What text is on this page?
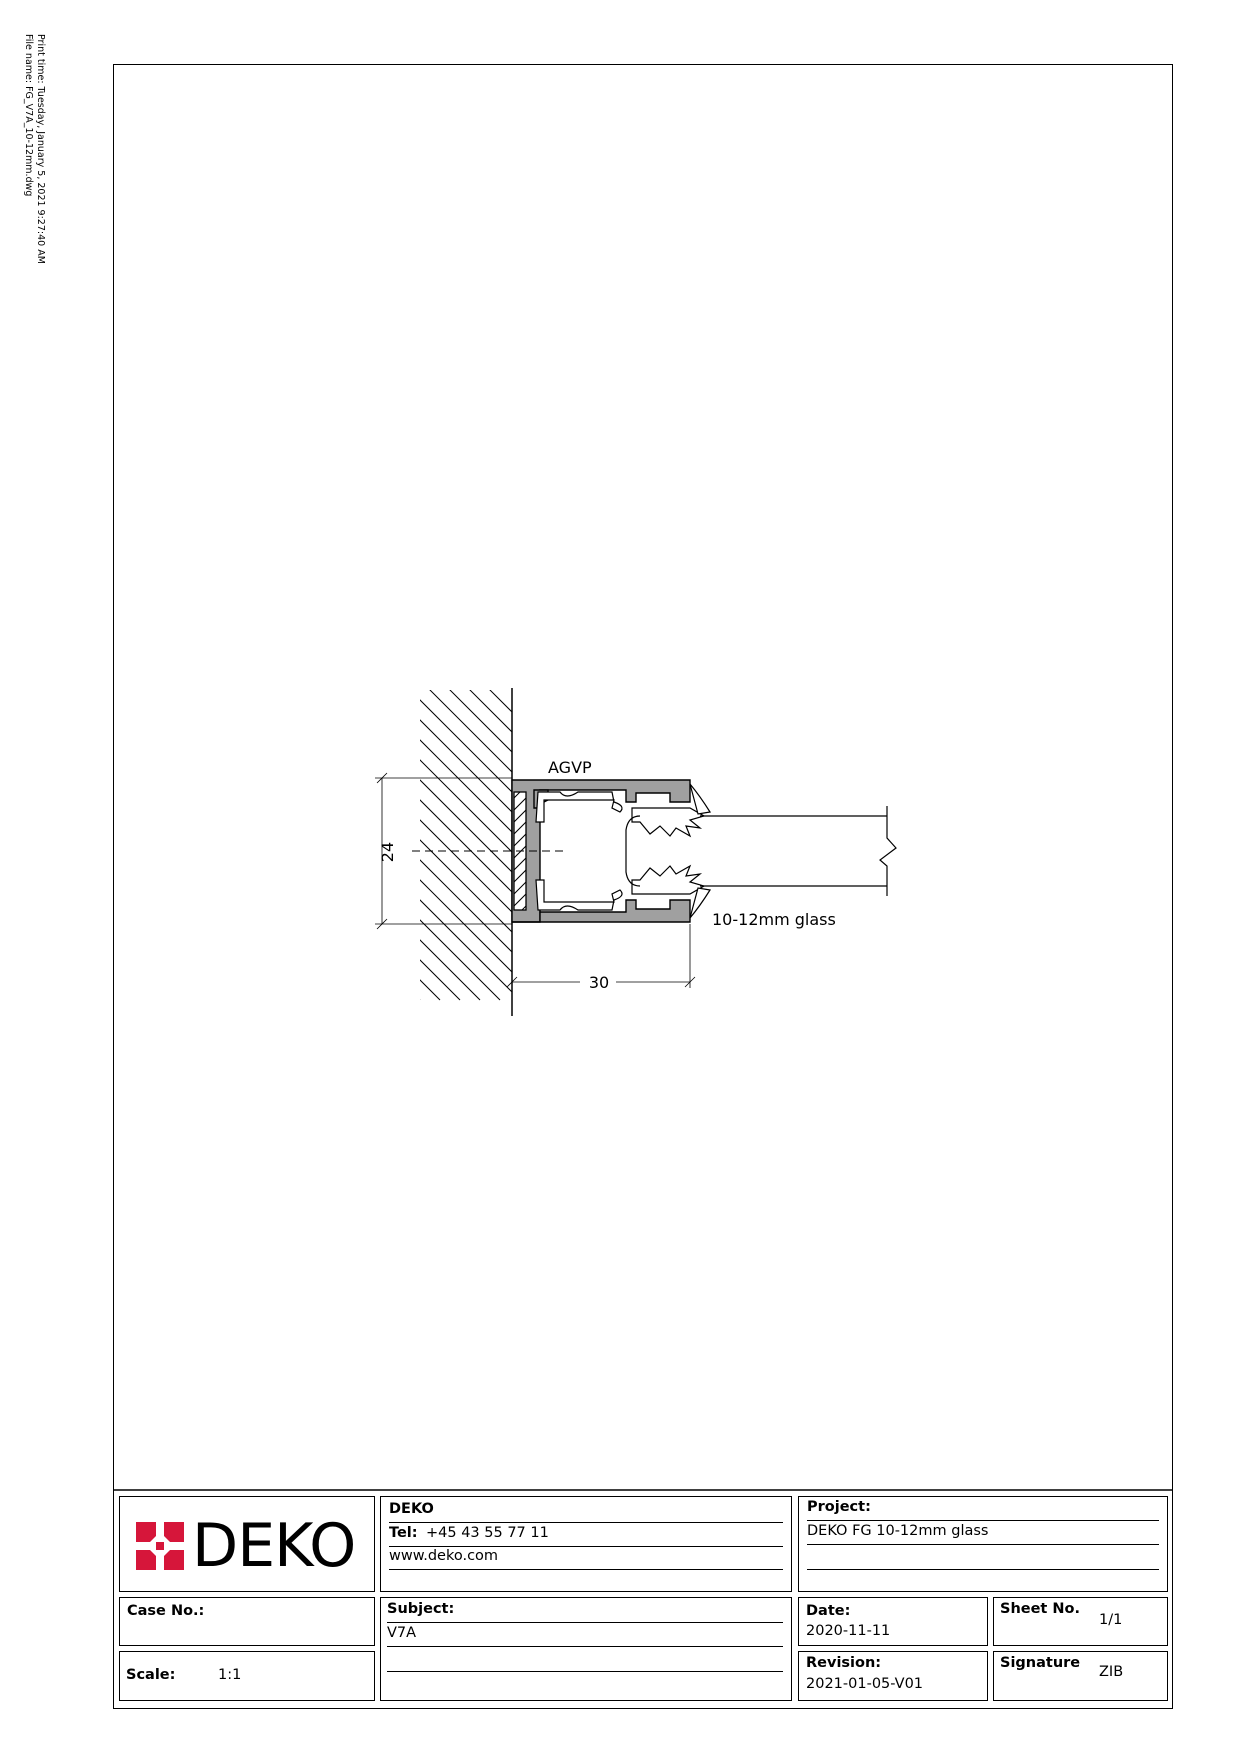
Print time: Tuesday, January 5, 2021 9:27:40 AM
File name: FG_V7A_10-12mm.dwg
AGVP
24
30
10-12mm glass
DEKO
DEKO
Tel: +45 43 55 77 11
www.deko.com
Project:
DEKO FG 10-12mm glass
Case No.:	Subject:
V7A
Date:
2020-11-11
Sheet No.
1/1
Scale:	1:1
Revision:
2021-01-05-V01
Signature
ZIB
